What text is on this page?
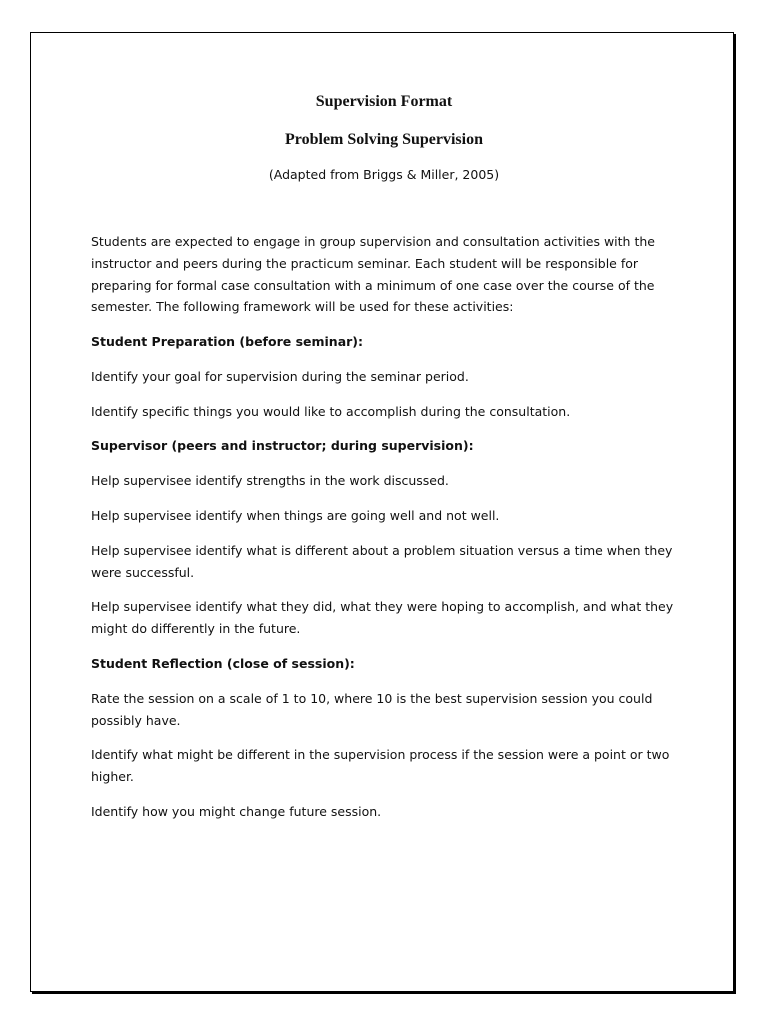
Supervision Format
Problem Solving Supervision

(Adapted from Briggs & Miller, 2005)

Students are expected to engage in group supervision and consultation activities with the instructor and peers during the practicum seminar. Each student will be responsible for preparing for formal case consultation with a minimum of one case over the course of the semester. The following framework will be used for these activities:

Student Preparation (before seminar):

Identify your goal for supervision during the seminar period.

Identify specific things you would like to accomplish during the consultation.

Supervisor (peers and instructor; during supervision):

Help supervisee identify strengths in the work discussed.

Help supervisee identify when things are going well and not well.

Help supervisee identify what is different about a problem situation versus a time when they were successful.

Help supervisee identify what they did, what they were hoping to accomplish, and what they might do differently in the future.

Student Reflection (close of session):

Rate the session on a scale of 1 to 10, where 10 is the best supervision session you could possibly have.

Identify what might be different in the supervision process if the session were a point or two higher.

Identify how you might change future session.
